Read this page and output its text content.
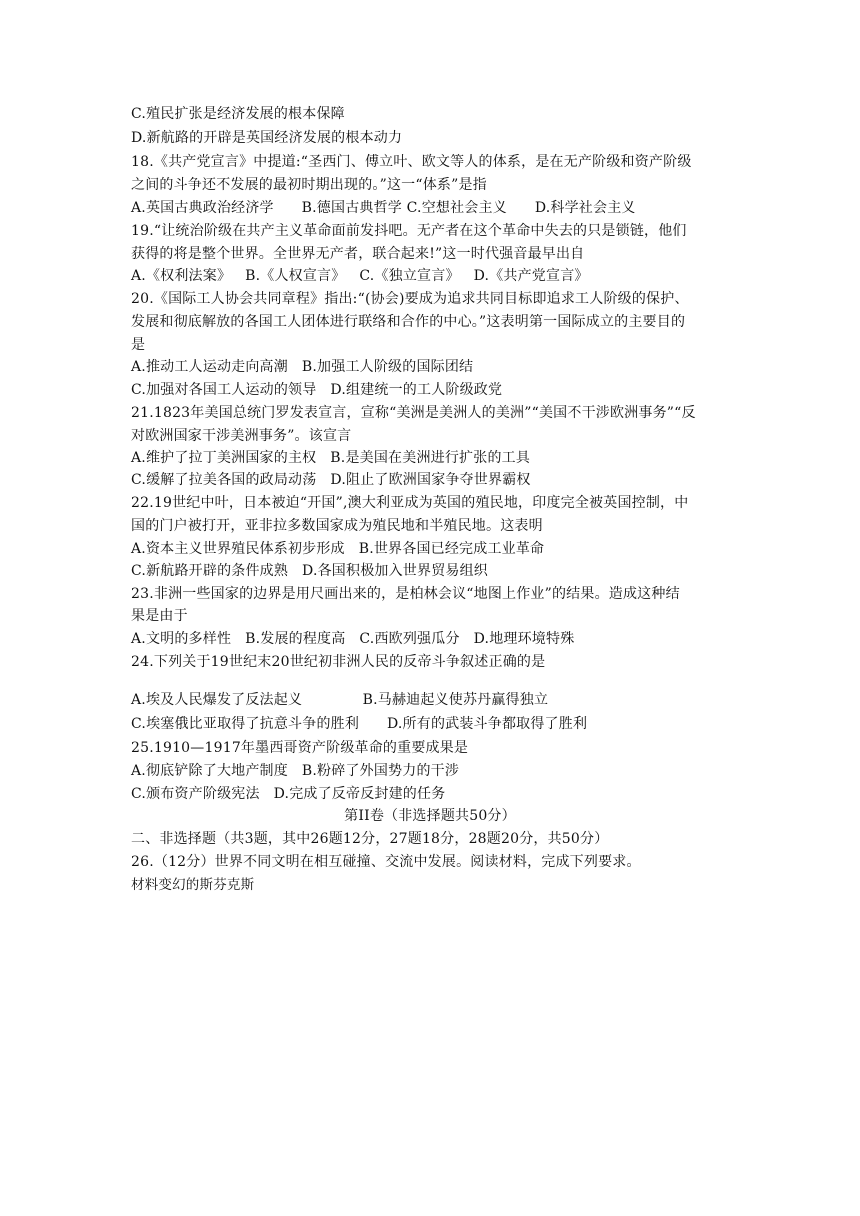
C.殖民扩张是经济发展的根本保障
D.新航路的开辟是英国经济发展的根本动力
18.《共产党宣言》中提道:“圣西门、傅立叶、欧文等人的体系，是在无产阶级和资产阶级
之间的斗争还不发展的最初时期出现的。”这一“体系”是指
A.英国古典政治经济学      B.德国古典哲学 C.空想社会主义      D.科学社会主义
19.“让统治阶级在共产主义革命面前发抖吧。无产者在这个革命中失去的只是锁链，他们
获得的将是整个世界。全世界无产者，联合起来!”这一时代强音最早出自
A.《权利法案》   B.《人权宣言》   C.《独立宣言》   D.《共产党宣言》
20.《国际工人协会共同章程》指出:“(协会)要成为追求共同目标即追求工人阶级的保护、
发展和彻底解放的各国工人团体进行联络和合作的中心。”这表明第一国际成立的主要目的
是
A.推动工人运动走向高潮   B.加强工人阶级的国际团结
C.加强对各国工人运动的领导   D.组建统一的工人阶级政党
21.1823年美国总统门罗发表宣言，宣称“美洲是美洲人的美洲”“美国不干涉欧洲事务”“反
对欧洲国家干涉美洲事务”。该宣言
A.维护了拉丁美洲国家的主权   B.是美国在美洲进行扩张的工具
C.缓解了拉美各国的政局动荡   D.阻止了欧洲国家争夺世界霸权
22.19世纪中叶，日本被迫“开国”,澳大利亚成为英国的殖民地，印度完全被英国控制，中
国的门户被打开，亚非拉多数国家成为殖民地和半殖民地。这表明
A.资本主义世界殖民体系初步形成   B.世界各国已经完成工业革命
C.新航路开辟的条件成熟   D.各国积极加入世界贸易组织
23.非洲一些国家的边界是用尺画出来的，是柏林会议“地图上作业”的结果。造成这种结
果是由于
A.文明的多样性   B.发展的程度高   C.西欧列强瓜分   D.地理环境特殊
24.下列关于19世纪末20世纪初非洲人民的反帝斗争叙述正确的是
A.埃及人民爆发了反法起义             B.马赫迪起义使苏丹赢得独立
C.埃塞俄比亚取得了抗意斗争的胜利      D.所有的武装斗争都取得了胜利
25.1910—1917年墨西哥资产阶级革命的重要成果是
A.彻底铲除了大地产制度   B.粉碎了外国势力的干涉
C.颁布资产阶级宪法   D.完成了反帝反封建的任务
第II卷（非选择题共50分）
二、非选择题（共3题，其中26题12分，27题18分，28题20分，共50分）
26.（12分）世界不同文明在相互碰撞、交流中发展。阅读材料，完成下列要求。
材料变幻的斯芬克斯
